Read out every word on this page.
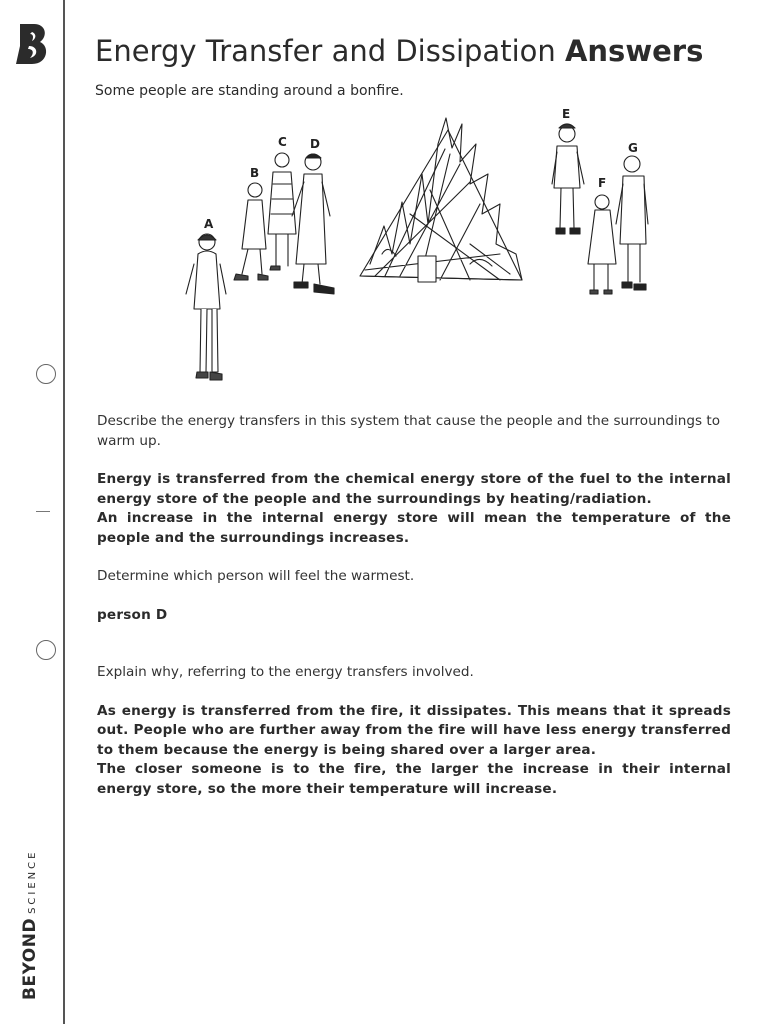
BEYONDSCIENCE
Energy Transfer and Dissipation Answers

Some people are standing around a bonfire.

A
B
C D
E
F
G

Describe the energy transfers in this system that cause the people and the surroundings to warm up.

Energy is transferred from the chemical energy store of the fuel to the internal energy store of the people and the surroundings by heating/radiation.

An increase in the internal energy store will mean the temperature of the people and the surroundings increases.

Determine which person will feel the warmest.

person D

Explain why, referring to the energy transfers involved.

As energy is transferred from the fire, it dissipates. This means that it spreads out. People who are further away from the fire will have less energy transferred to them because the energy is being shared over a larger area.

The closer someone is to the fire, the larger the increase in their internal energy store, so the more their temperature will increase.
